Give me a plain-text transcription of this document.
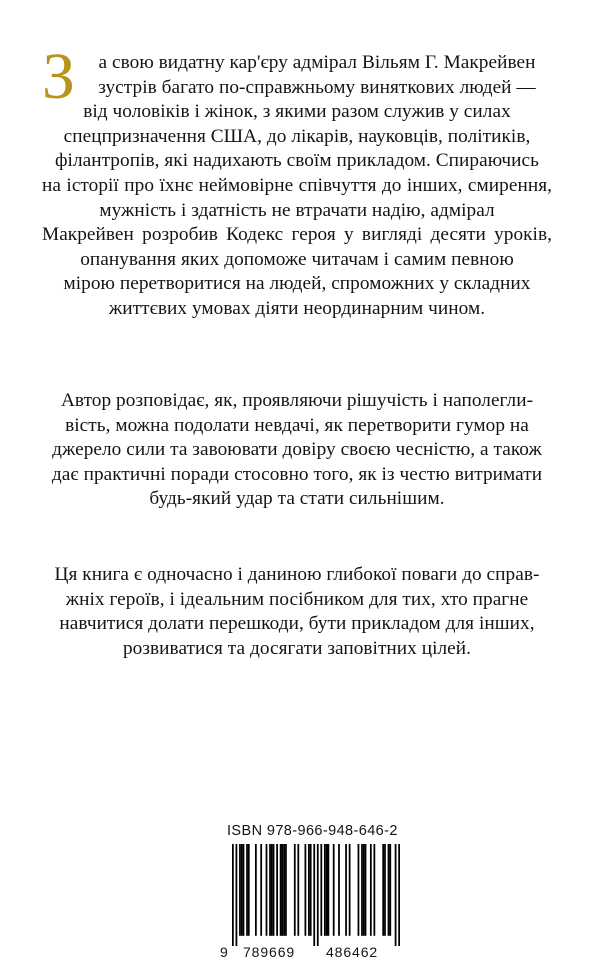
З	а свою видатну кар'єру адмірал Вільям Г. Макрейвен
зустрів багато по-справжньому виняткових людей —
від чоловіків і жінок, з якими разом служив у силах
спецпризначення США, до лікарів, науковців, політиків,
філантропів, які надихають своїм прикладом. Спираючись
на історії про їхнє неймовірне співчуття до інших, смирення, мужність і здатність не втрачати надію, адмірал
Макрейвен розробив Кодекс героя у вигляді десяти уроків, опанування яких допоможе читачам і самим певною
мірою перетворитися на людей, спроможних у складних
життєвих умовах діяти неординарним чином.
Автор розповідає, як, проявляючи рішучість і наполегли-
вість, можна подолати невдачі, як перетворити гумор на
джерело сили та завоювати довіру своєю чесністю, а також
дає практичні поради стосовно того, як із честю витримати
будь-який удар та стати сильнішим.
Ця книга є одночасно і даниною глибокої поваги до справ-
жніх героїв, і ідеальним посібником для тих, хто прагне
навчитися долати перешкоди, бути прикладом для інших,
розвиватися та досягати заповітних цілей.
ISBN 978-966-948-646-2
9 789669 486462
